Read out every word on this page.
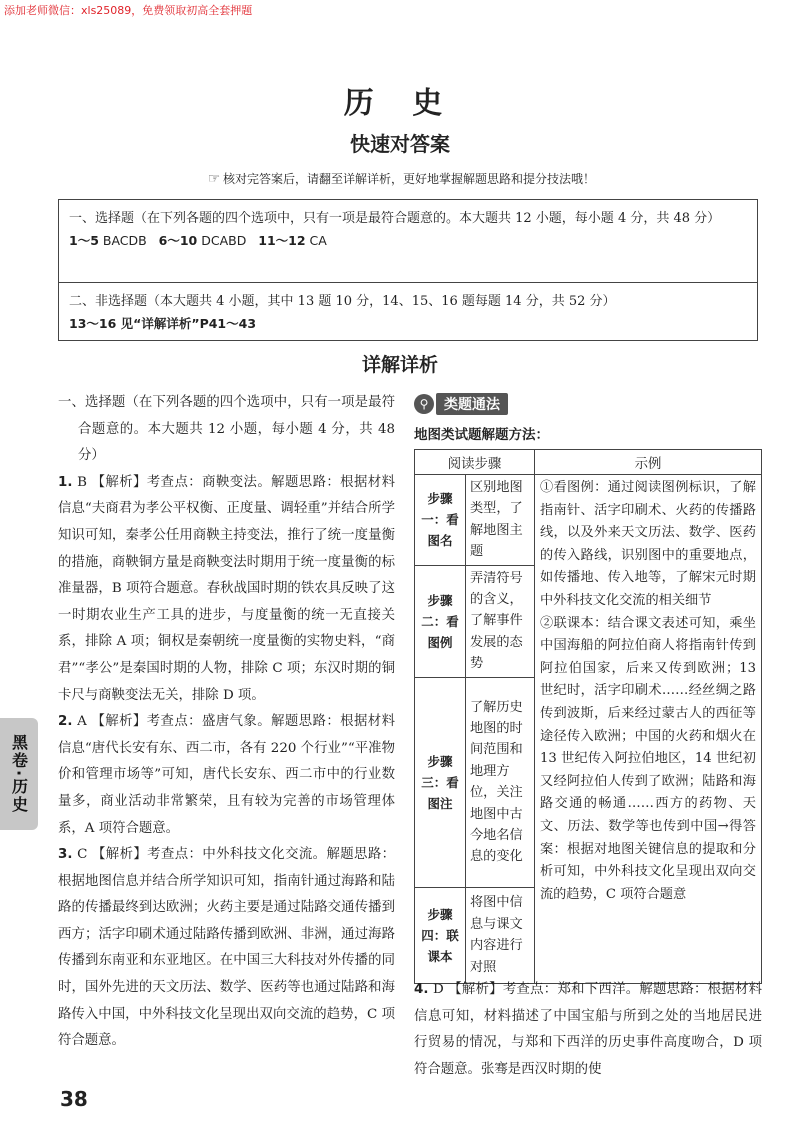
添加老师微信：xls25089，免费领取初高全套押题
历 史
快速对答案
☞ 核对完答案后，请翻至详解详析，更好地掌握解题思路和提分技法哦！
一、选择题（在下列各题的四个选项中，只有一项是最符合题意的。本大题共 12 小题，每小题 4 分，共 48 分）
1～5 BACDB 6～10 DCABD 11～12 CA
二、非选择题（本大题共 4 小题，其中 13 题 10 分，14、15、16 题每题 14 分，共 52 分）
13～16 见“详解详析”P41～43
详解详析

一、选择题（在下列各题的四个选项中，只有一项是最符合题意的。本大题共 12 小题，每小题 4 分，共 48 分）

1. B 【解析】考查点：商鞅变法。解题思路：根据材料信息“夫商君为孝公平权衡、正度量、调轻重”并结合所学知识可知，秦孝公任用商鞅主持变法，推行了统一度量衡的措施，商鞅铜方量是商鞅变法时期用于统一度量衡的标准量器，B 项符合题意。春秋战国时期的铁农具反映了这一时期农业生产工具的进步，与度量衡的统一无直接关系，排除 A 项；铜权是秦朝统一度量衡的实物史料，“商君”“孝公”是秦国时期的人物，排除 C 项；东汉时期的铜卡尺与商鞅变法无关，排除 D 项。

2. A 【解析】考查点：盛唐气象。解题思路：根据材料信息“唐代长安有东、西二市，各有 220 个行业”“平准物价和管理市场等”可知，唐代长安东、西二市中的行业数量多，商业活动非常繁荣，且有较为完善的市场管理体系，A 项符合题意。

3. C 【解析】考查点：中外科技文化交流。解题思路：根据地图信息并结合所学知识可知，指南针通过海路和陆路的传播最终到达欧洲；火药主要是通过陆路交通传播到西方；活字印刷术通过陆路传播到欧洲、非洲，通过海路传播到东南亚和东亚地区。在中国三大科技对外传播的同时，国外先进的天文历法、数学、医药等也通过陆路和海路传入中国，中外科技文化呈现出双向交流的趋势，C 项符合题意。

黑卷·历史
⚲	类题通法
地图类试题解题方法：
阅读步骤		示例
步骤一：看图名	区别地图类型，了解地图主题	①看图例：通过阅读图例标识，了解指南针、活字印刷术、火药的传播路线，以及外来天文历法、数学、医药的传入路线，识别图中的重要地点，如传播地、传入地等，了解宋元时期中外科技文化交流的相关细节

②联课本：结合课文表述可知，乘坐中国海船的阿拉伯商人将指南针传到阿拉伯国家，后来又传到欧洲；13 世纪时，活字印刷术……经丝绸之路传到波斯，后来经过蒙古人的西征等途径传入欧洲；中国的火药和烟火在 13 世纪传入阿拉伯地区，14 世纪初又经阿拉伯人传到了欧洲；陆路和海路交通的畅通……西方的药物、天文、历法、数学等也传到中国→得答案：根据对地图关键信息的提取和分析可知，中外科技文化呈现出双向交流的趋势，C 项符合题意

步骤二：看图例	弄清符号的含义，了解事件发展的态势	
步骤三：看图注	了解历史地图的时间范围和地理方位，关注地图中古今地名信息的变化	
步骤四：联课本	将图中信息与课文内容进行对照	

4. D 【解析】考查点：郑和下西洋。解题思路：根据材料信息可知，材料描述了中国宝船与所到之处的当地居民进行贸易的情况，与郑和下西洋的历史事件高度吻合，D 项符合题意。张骞是西汉时期的使

38
